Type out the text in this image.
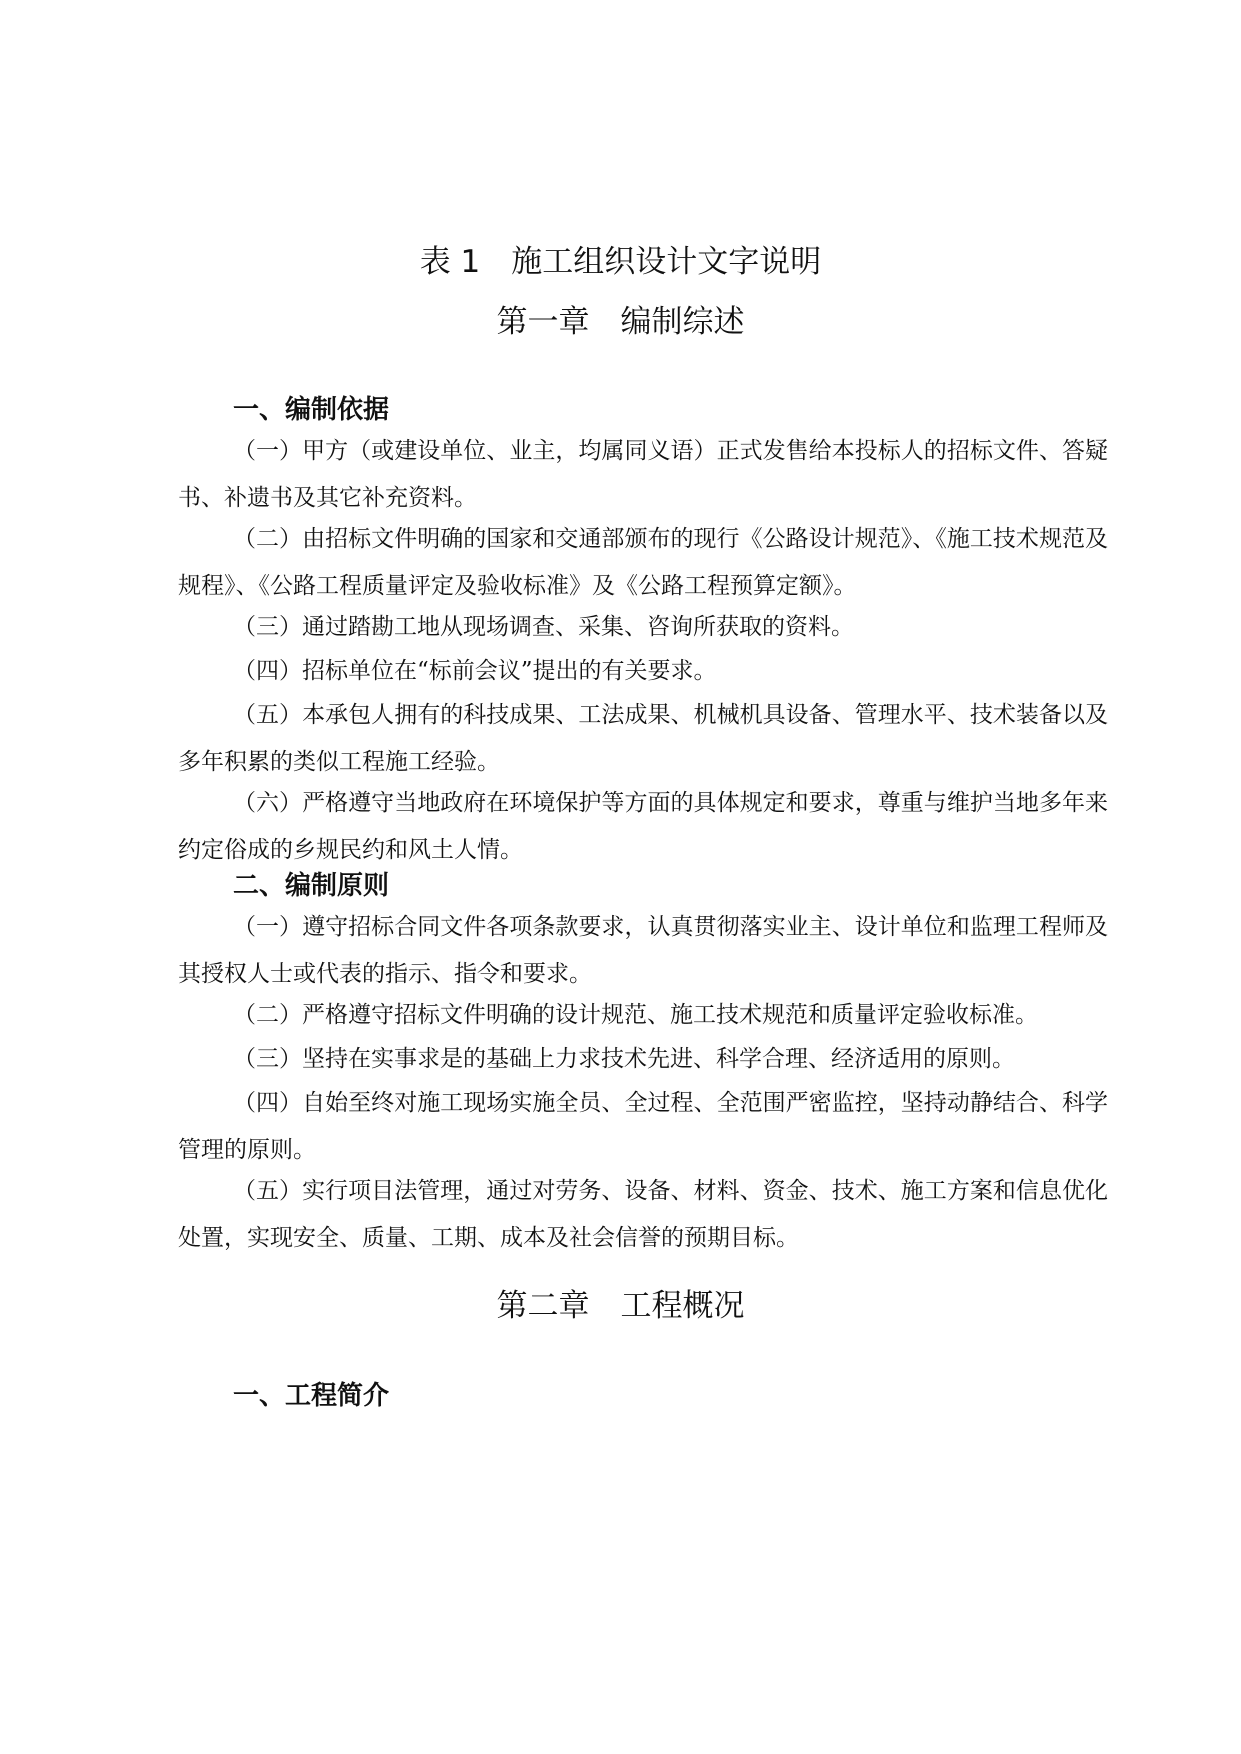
表 1　施工组织设计文字说明
第一章　编制综述
一、编制依据

（一）甲方（或建设单位、业主，均属同义语）正式发售给本投标人的招标文件、答疑书、补遗书及其它补充资料。

（二）由招标文件明确的国家和交通部颁布的现行《公路设计规范》、《施工技术规范及规程》、《公路工程质量评定及验收标准》及《公路工程预算定额》。

（三）通过踏勘工地从现场调查、采集、咨询所获取的资料。

（四）招标单位在“标前会议”提出的有关要求。

（五）本承包人拥有的科技成果、工法成果、机械机具设备、管理水平、技术装备以及多年积累的类似工程施工经验。

（六）严格遵守当地政府在环境保护等方面的具体规定和要求，尊重与维护当地多年来约定俗成的乡规民约和风土人情。

二、编制原则

（一）遵守招标合同文件各项条款要求，认真贯彻落实业主、设计单位和监理工程师及其授权人士或代表的指示、指令和要求。

（二）严格遵守招标文件明确的设计规范、施工技术规范和质量评定验收标准。

（三）坚持在实事求是的基础上力求技术先进、科学合理、经济适用的原则。

（四）自始至终对施工现场实施全员、全过程、全范围严密监控，坚持动静结合、科学管理的原则。

（五）实行项目法管理，通过对劳务、设备、材料、资金、技术、施工方案和信息优化处置，实现安全、质量、工期、成本及社会信誉的预期目标。

第二章　工程概况
一、工程简介
